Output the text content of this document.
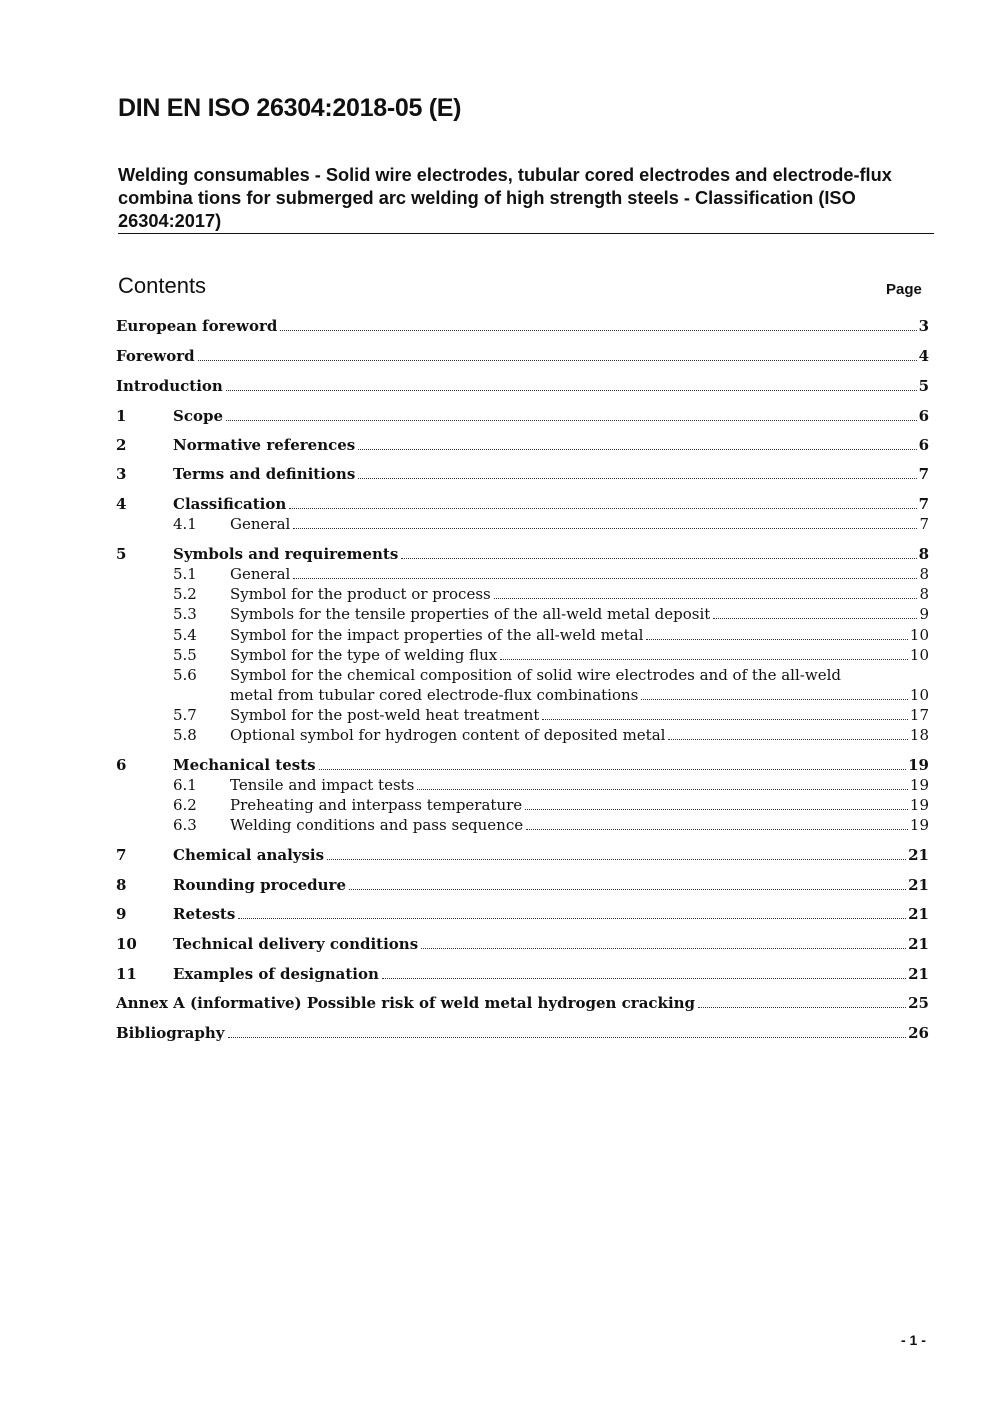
DIN EN ISO 26304:2018-05 (E)
Welding consumables - Solid wire electrodes, tubular cored electrodes and electrode-flux combina tions for submerged arc welding of high strength steels - Classification (ISO 26304:2017)
Contents	Page
European foreword	3
Foreword	4
Introduction	5
1	Scope	6
2	Normative references	6
3	Terms and definitions	7
4	Classification	7
4.1	General	7
5	Symbols and requirements	8
5.1	General	8
5.2	Symbol for the product or process	8
5.3	Symbols for the tensile properties of the all-weld metal deposit	9
5.4	Symbol for the impact properties of the all-weld metal	10
5.5	Symbol for the type of welding flux	10
5.6	Symbol for the chemical composition of solid wire electrodes and of the all-weld
metal from tubular cored electrode-flux combinations	10
5.7	Symbol for the post-weld heat treatment	17
5.8	Optional symbol for hydrogen content of deposited metal	18
6	Mechanical tests	19
6.1	Tensile and impact tests	19
6.2	Preheating and interpass temperature	19
6.3	Welding conditions and pass sequence	19
7	Chemical analysis	21
8	Rounding procedure	21
9	Retests	21
10	Technical delivery conditions	21
11	Examples of designation	21
Annex A (informative) Possible risk of weld metal hydrogen cracking	25
Bibliography	26
- 1 -
